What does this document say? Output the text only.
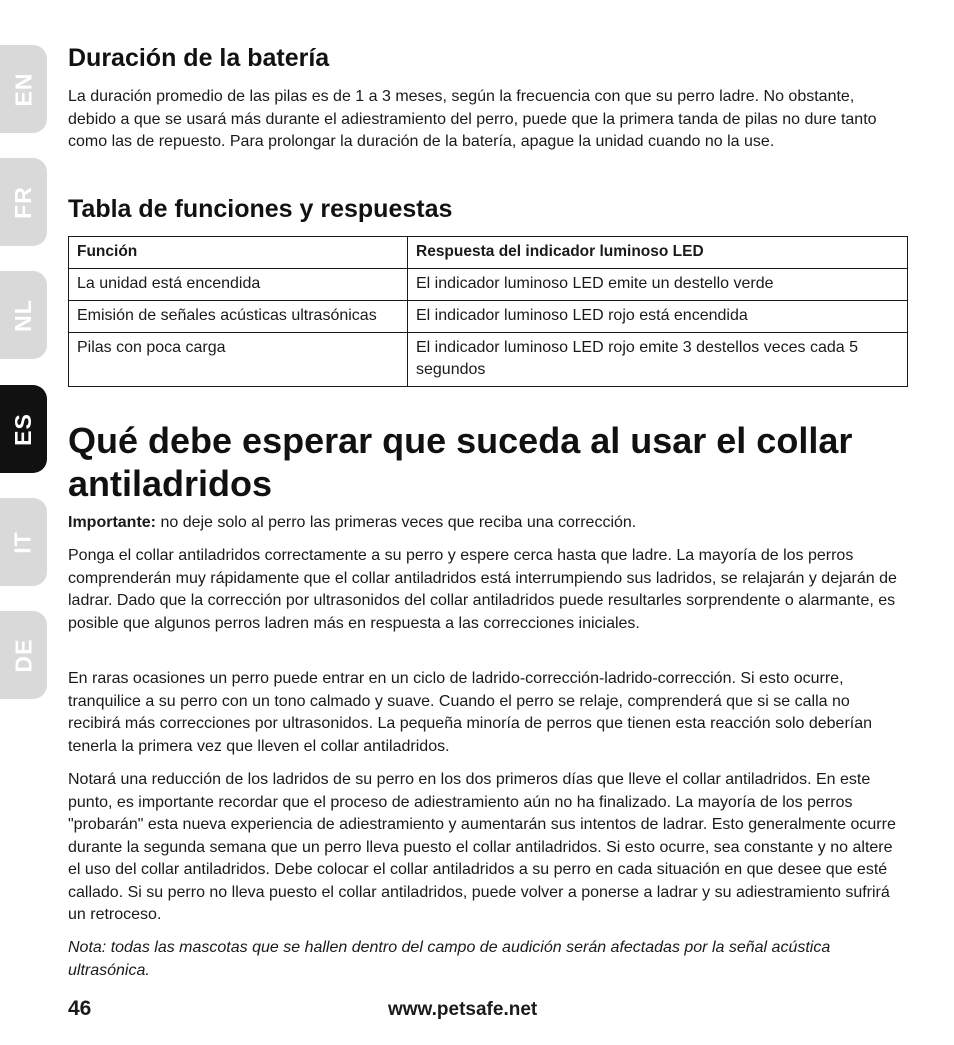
EN
FR
NL
ES
IT
DE
Duración de la batería

La duración promedio de las pilas es de 1 a 3 meses, según la frecuencia con que su perro ladre. No obstante, debido a que se usará más durante el adiestramiento del perro, puede que la primera tanda de pilas no dure tanto como las de repuesto. Para prolongar la duración de la batería, apague la unidad cuando no la use.

Tabla de funciones y respuestas
Función	Respuesta del indicador luminoso LED
La unidad está encendida	El indicador luminoso LED emite un destello verde
Emisión de señales acústicas ultrasónicas	El indicador luminoso LED rojo está encendida
Pilas con poca carga	El indicador luminoso LED rojo emite 3 destellos veces cada 5 segundos
Qué debe esperar que suceda al usar el collar antiladridos

Importante: no deje solo al perro las primeras veces que reciba una corrección.

Ponga el collar antiladridos correctamente a su perro y espere cerca hasta que ladre. La mayoría de los perros comprenderán muy rápidamente que el collar antiladridos está interrumpiendo sus ladridos, se relajarán y dejarán de ladrar. Dado que la corrección por ultrasonidos del collar antiladridos puede resultarles sorprendente o alarmante, es posible que algunos perros ladren más en respuesta a las correcciones iniciales.

En raras ocasiones un perro puede entrar en un ciclo de ladrido-corrección-ladrido-corrección. Si esto ocurre, tranquilice a su perro con un tono calmado y suave. Cuando el perro se relaje, comprenderá que si se calla no recibirá más correcciones por ultrasonidos. La pequeña minoría de perros que tienen esta reacción solo deberían tenerla la primera vez que lleven el collar antiladridos.

Notará una reducción de los ladridos de su perro en los dos primeros días que lleve el collar antiladridos. En este punto, es importante recordar que el proceso de adiestramiento aún no ha finalizado. La mayoría de los perros "probarán" esta nueva experiencia de adiestramiento y aumentarán sus intentos de ladrar. Esto generalmente ocurre durante la segunda semana que un perro lleva puesto el collar antiladridos. Si esto ocurre, sea constante y no altere el uso del collar antiladridos. Debe colocar el collar antiladridos a su perro en cada situación en que desee que esté callado. Si su perro no lleva puesto el collar antiladridos, puede volver a ponerse a ladrar y su adiestramiento sufrirá un retroceso.

Nota: todas las mascotas que se hallen dentro del campo de audición serán afectadas por la señal acústica ultrasónica.

46	www.petsafe.net
